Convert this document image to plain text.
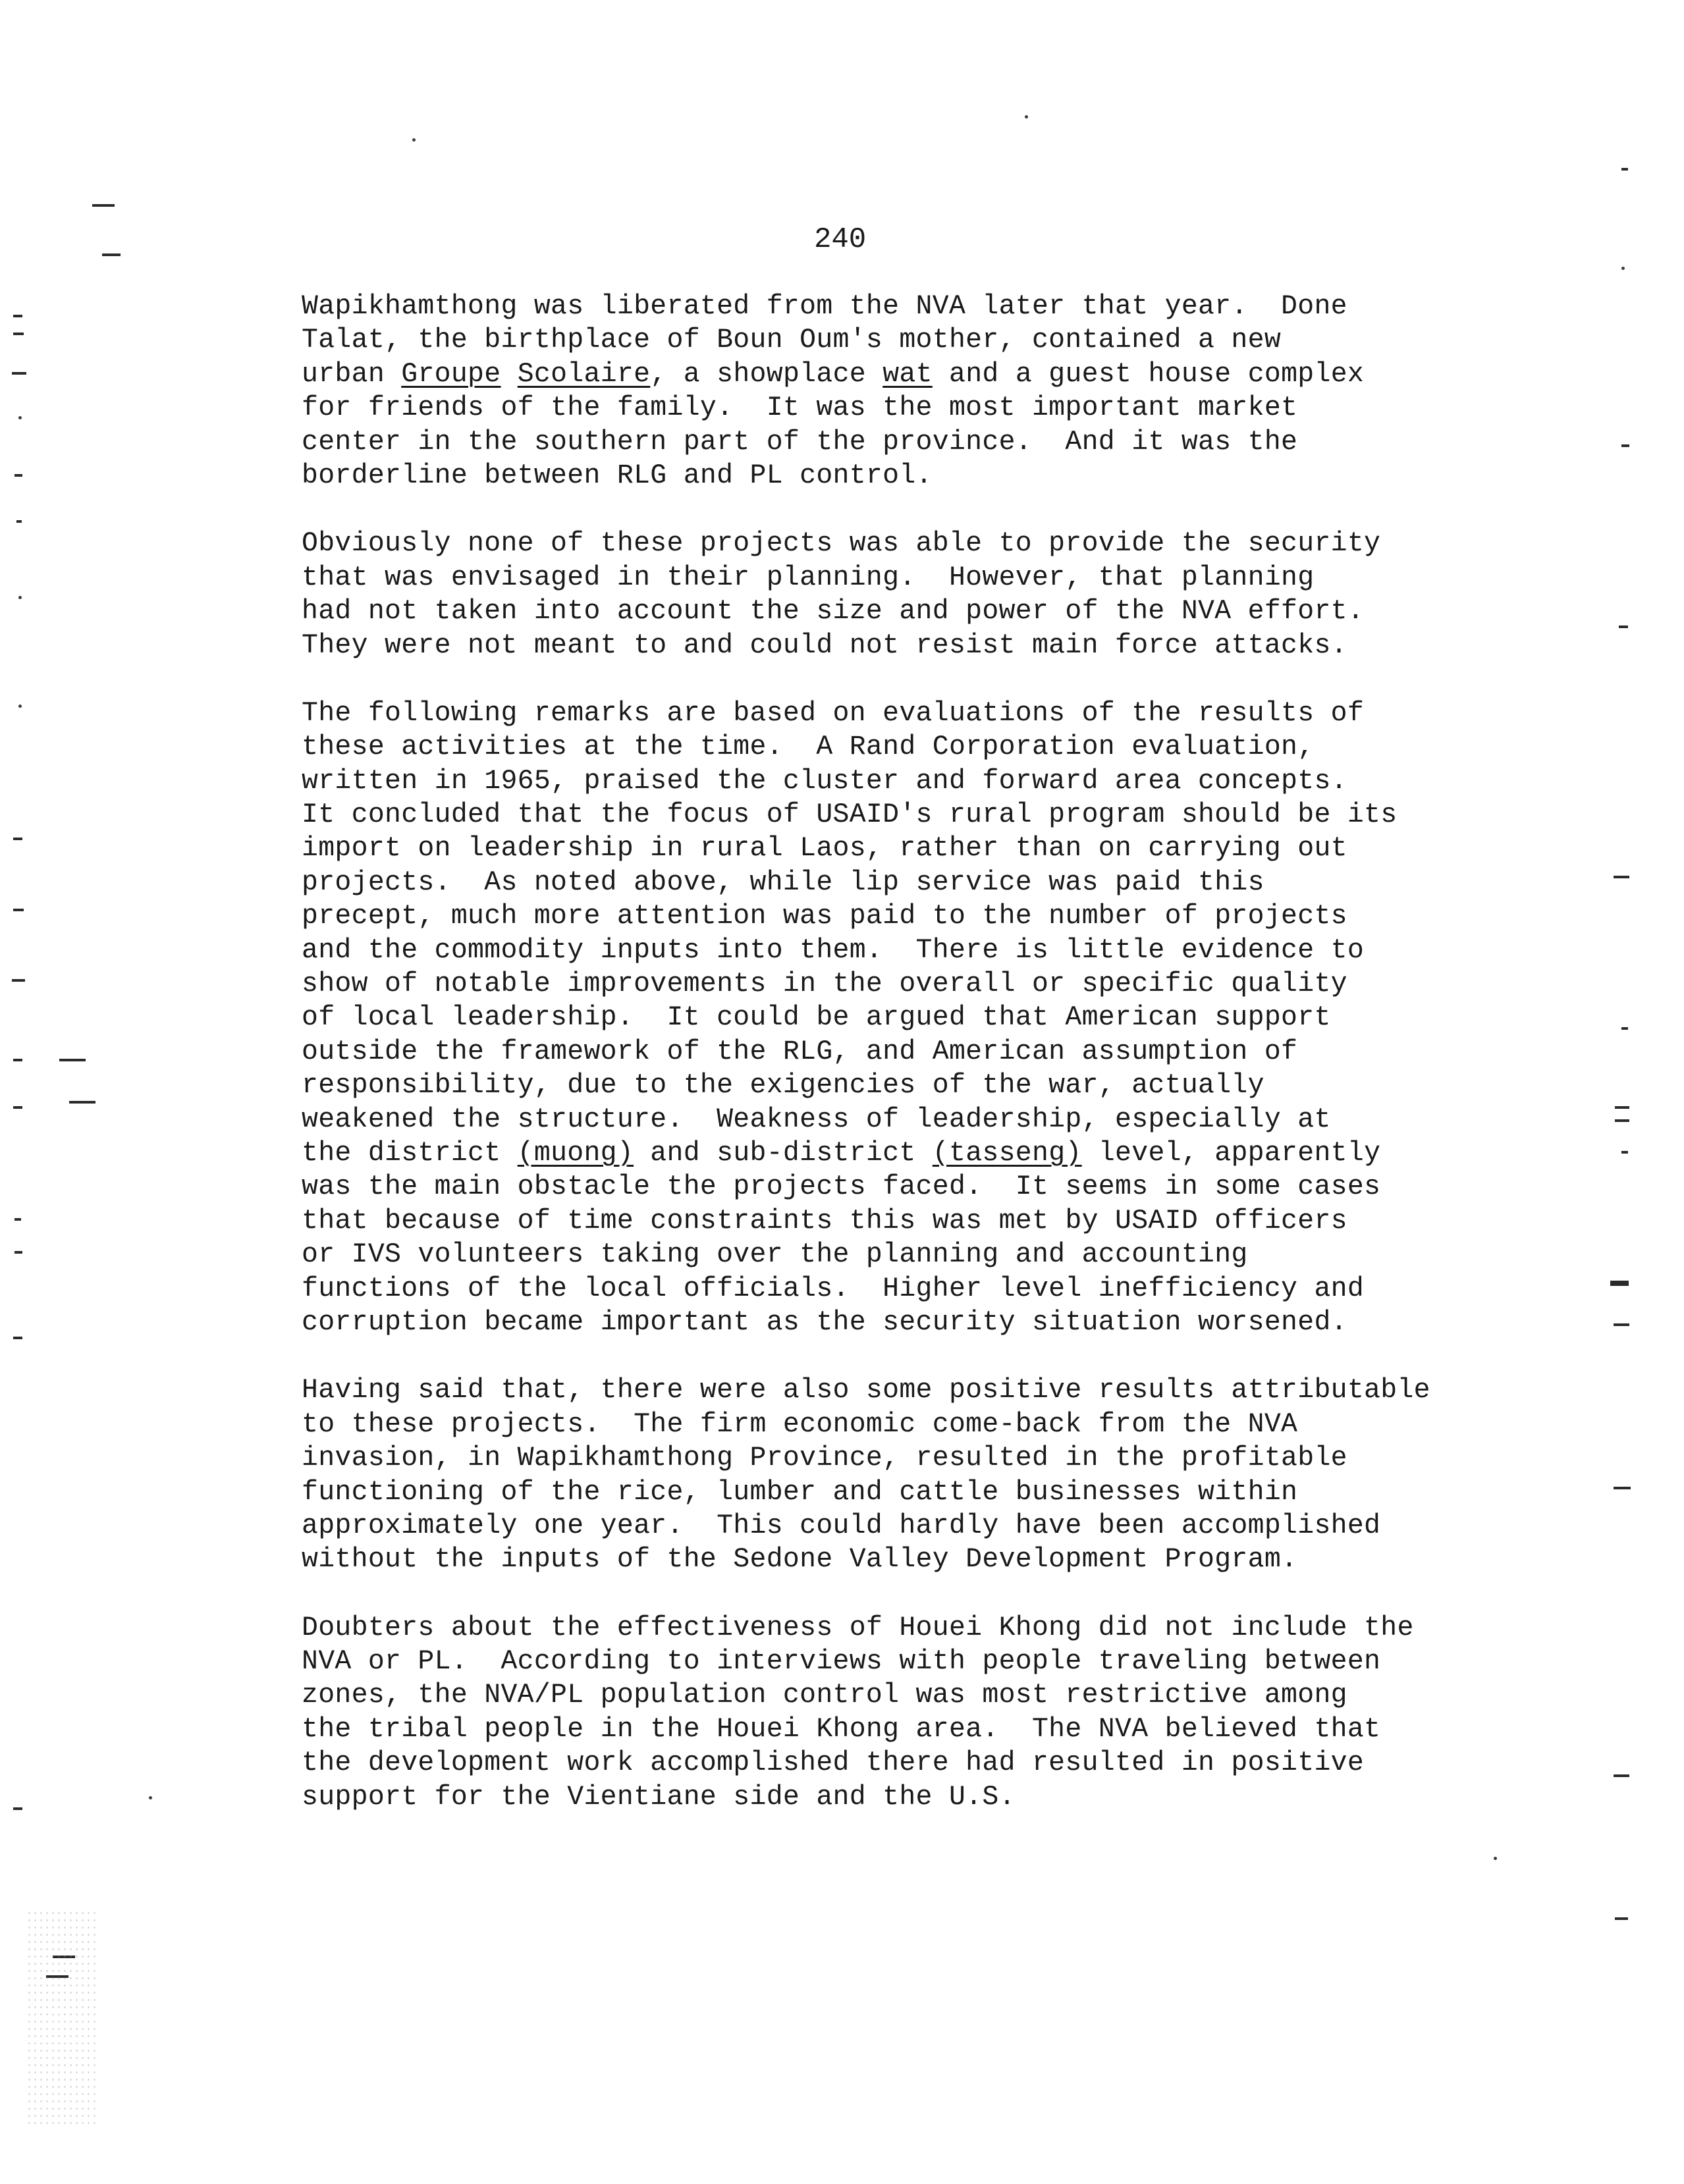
240
Wapikhamthong was liberated from the NVA later that year.  Done
Talat, the birthplace of Boun Oum's mother, contained a new
urban Groupe Scolaire, a showplace wat and a guest house complex
for friends of the family.  It was the most important market
center in the southern part of the province.  And it was the
borderline between RLG and PL control.
Obviously none of these projects was able to provide the security
that was envisaged in their planning.  However, that planning
had not taken into account the size and power of the NVA effort.
They were not meant to and could not resist main force attacks.
The following remarks are based on evaluations of the results of
these activities at the time.  A Rand Corporation evaluation,
written in 1965, praised the cluster and forward area concepts.
It concluded that the focus of USAID's rural program should be its
import on leadership in rural Laos, rather than on carrying out
projects.  As noted above, while lip service was paid this
precept, much more attention was paid to the number of projects
and the commodity inputs into them.  There is little evidence to
show of notable improvements in the overall or specific quality
of local leadership.  It could be argued that American support
outside the framework of the RLG, and American assumption of
responsibility, due to the exigencies of the war, actually
weakened the structure.  Weakness of leadership, especially at
the district (muong) and sub-district (tasseng) level, apparently
was the main obstacle the projects faced.  It seems in some cases
that because of time constraints this was met by USAID officers
or IVS volunteers taking over the planning and accounting
functions of the local officials.  Higher level inefficiency and
corruption became important as the security situation worsened.
Having said that, there were also some positive results attributable
to these projects.  The firm economic come-back from the NVA
invasion, in Wapikhamthong Province, resulted in the profitable
functioning of the rice, lumber and cattle businesses within
approximately one year.  This could hardly have been accomplished
without the inputs of the Sedone Valley Development Program.
Doubters about the effectiveness of Houei Khong did not include the
NVA or PL.  According to interviews with people traveling between
zones, the NVA/PL population control was most restrictive among
the tribal people in the Houei Khong area.  The NVA believed that
the development work accomplished there had resulted in positive
support for the Vientiane side and the U.S.
